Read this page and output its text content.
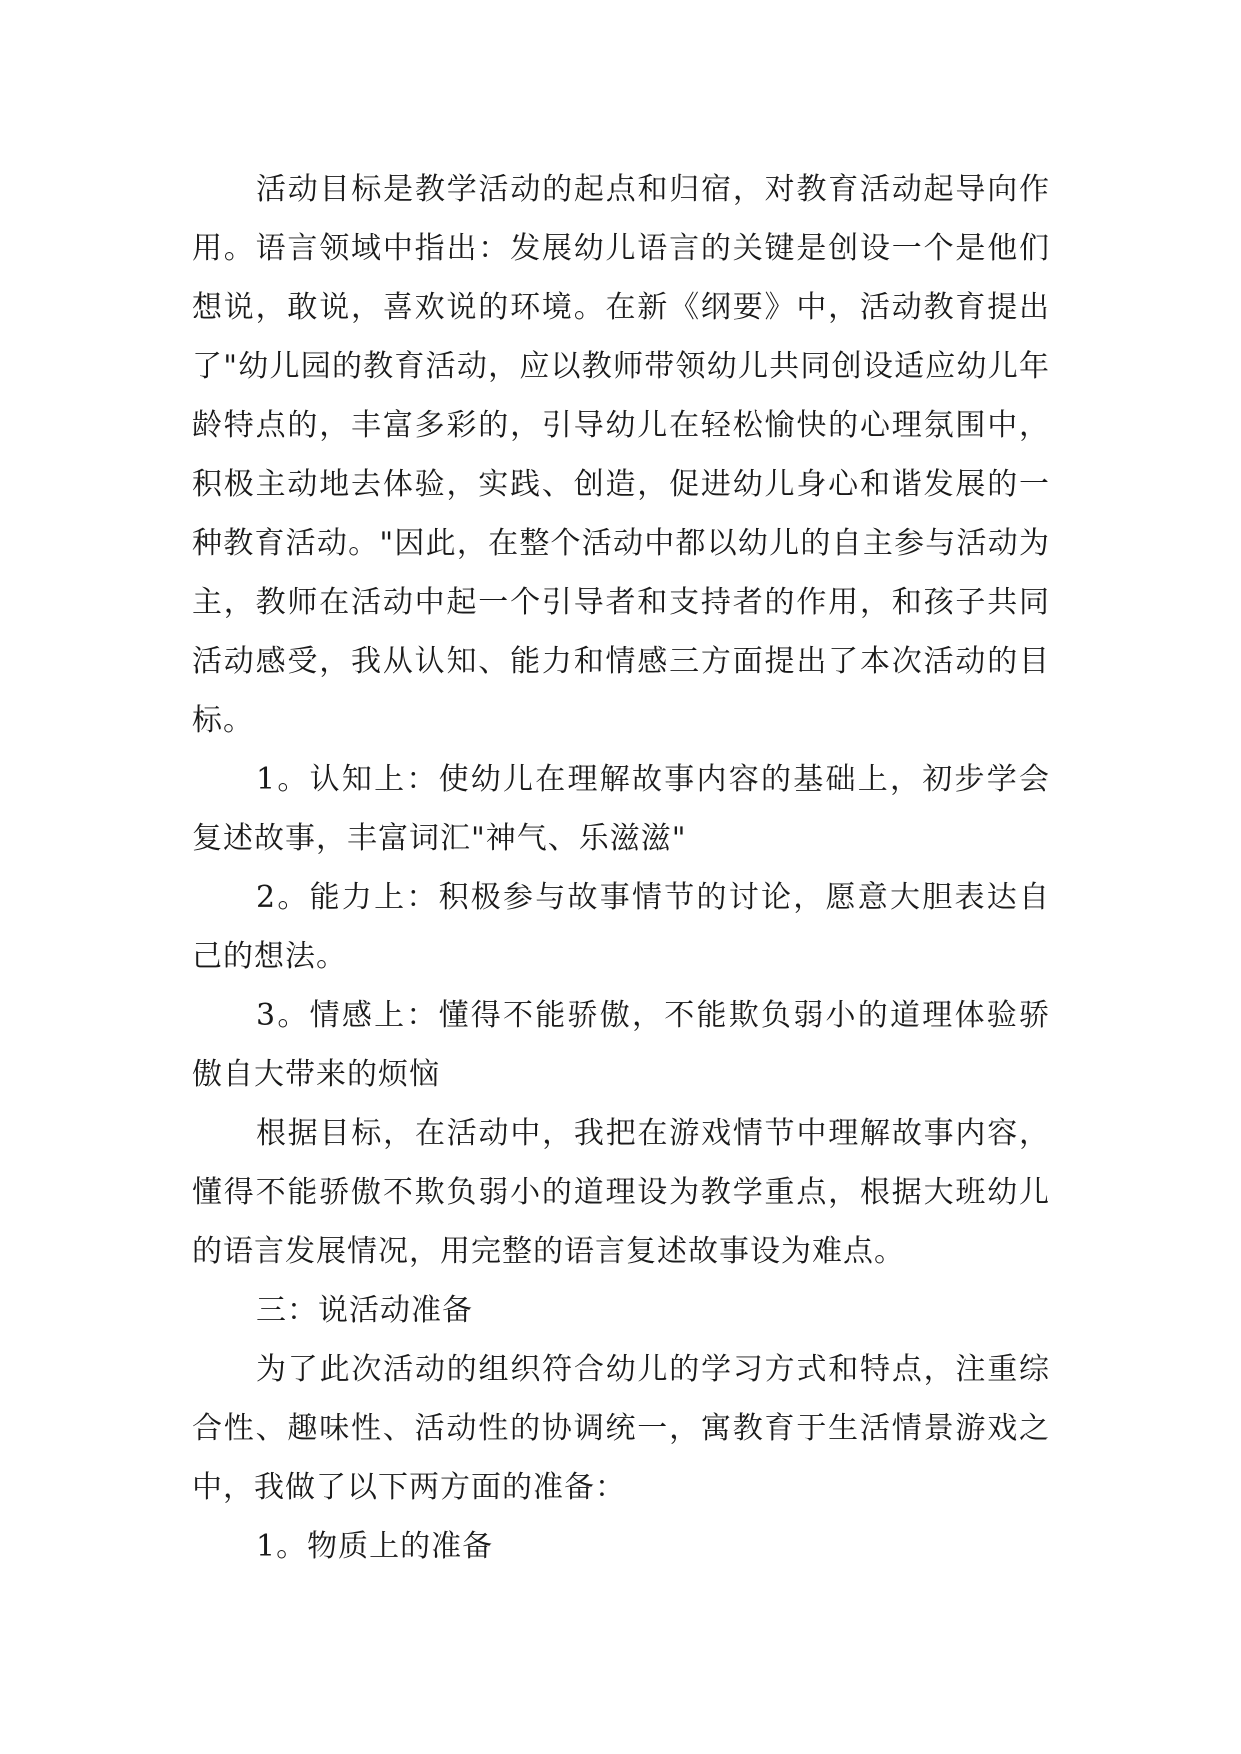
活动目标是教学活动的起点和归宿，对教育活动起导向作用。语言领域中指出：发展幼儿语言的关键是创设一个是他们想说，敢说，喜欢说的环境。在新《纲要》中，活动教育提出了"幼儿园的教育活动，应以教师带领幼儿共同创设适应幼儿年龄特点的，丰富多彩的，引导幼儿在轻松愉快的心理氛围中，积极主动地去体验，实践、创造，促进幼儿身心和谐发展的一种教育活动。"因此，在整个活动中都以幼儿的自主参与活动为主，教师在活动中起一个引导者和支持者的作用，和孩子共同活动感受，我从认知、能力和情感三方面提出了本次活动的目标。

1。认知上：使幼儿在理解故事内容的基础上，初步学会复述故事，丰富词汇"神气、乐滋滋"

2。能力上：积极参与故事情节的讨论，愿意大胆表达自己的想法。

3。情感上：懂得不能骄傲，不能欺负弱小的道理体验骄傲自大带来的烦恼

根据目标，在活动中，我把在游戏情节中理解故事内容，懂得不能骄傲不欺负弱小的道理设为教学重点，根据大班幼儿的语言发展情况，用完整的语言复述故事设为难点。

三：说活动准备

为了此次活动的组织符合幼儿的学习方式和特点，注重综合性、趣味性、活动性的协调统一，寓教育于生活情景游戏之中，我做了以下两方面的准备：

1。物质上的准备
